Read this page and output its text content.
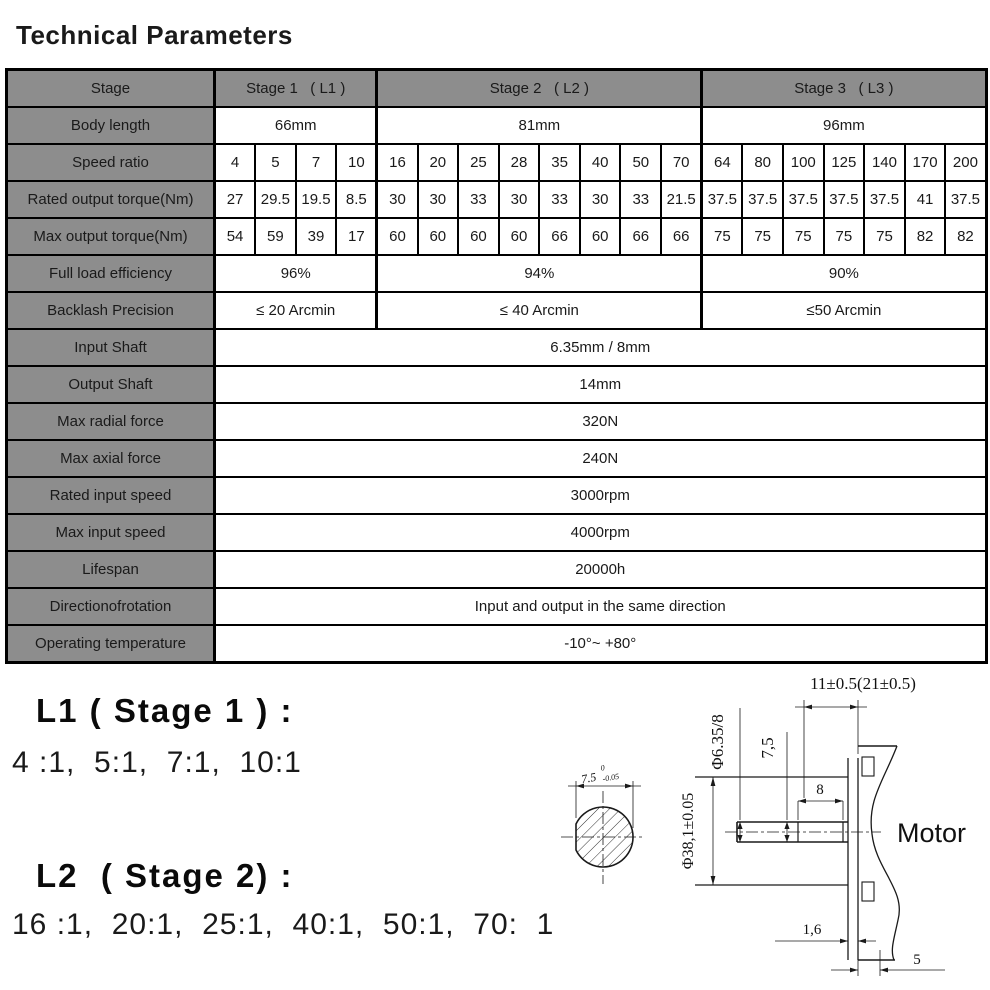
Technical Parameters
Stage	Stage 1   ( L1 )				Stage 2   ( L2 )								Stage 3   ( L3 )						
Body length	66mm				81mm								96mm						
Speed ratio	4	5	7	10	16	20	25	28	35	40	50	70	64	80	100	125	140	170	200
Rated output torque(Nm)	27	29.5	19.5	8.5	30	30	33	30	33	30	33	21.5	37.5	37.5	37.5	37.5	37.5	41	37.5
Max output torque(Nm)	54	59	39	17	60	60	60	60	66	60	66	66	75	75	75	75	75	82	82
Full load efficiency	96%				94%								90%						
Backlash Precision	≤ 20 Arcmin				≤ 40 Arcmin								≤50 Arcmin						
Input Shaft	6.35mm / 8mm																		
Output Shaft	14mm																		
Max radial force	320N																		
Max axial force	240N																		
Rated input speed	3000rpm																		
Max input speed	4000rpm																		
Lifespan	20000h																		
Directionofrotation	Input and output in the same direction																		
Operating temperature	-10°~ +80°																		
L1 ( Stage 1 ) :
4 :1,  5:1,  7:1,  10:1
L2  ( Stage 2) :
16 :1,  20:1,  25:1,  40:1,  50:1,  70:  1
7.5
0
-0.05
11±0.5(21±0.5)
Φ6.35/8 7,5
8
Φ38,1±0.05
1,6
5
Motor
